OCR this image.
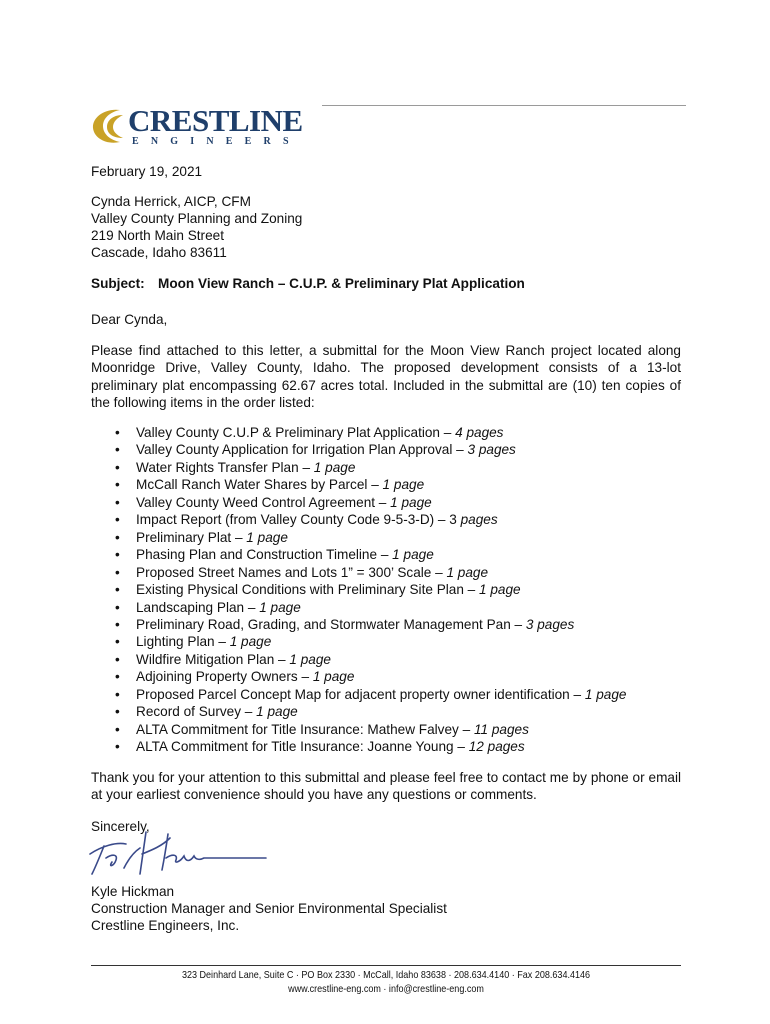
CRESTLINE
ENGINEERS
February 19, 2021
Cynda Herrick, AICP, CFM
Valley County Planning and Zoning
219 North Main Street
Cascade, Idaho 83611
Subject: Moon View Ranch – C.U.P. & Preliminary Plat Application
Dear Cynda,
Please find attached to this letter, a submittal for the Moon View Ranch project located along Moonridge Drive, Valley County, Idaho. The proposed development consists of a 13-lot preliminary plat encompassing 62.67 acres total. Included in the submittal are (10) ten copies of the following items in the order listed:
• Valley County C.U.P & Preliminary Plat Application – 4 pages
• Valley County Application for Irrigation Plan Approval – 3 pages
• Water Rights Transfer Plan – 1 page
• McCall Ranch Water Shares by Parcel – 1 page
• Valley County Weed Control Agreement – 1 page
• Impact Report (from Valley County Code 9-5-3-D) – 3 pages
• Preliminary Plat – 1 page
• Phasing Plan and Construction Timeline – 1 page
• Proposed Street Names and Lots 1” = 300’ Scale – 1 page
• Existing Physical Conditions with Preliminary Site Plan – 1 page
• Landscaping Plan – 1 page
• Preliminary Road, Grading, and Stormwater Management Pan – 3 pages
• Lighting Plan – 1 page
• Wildfire Mitigation Plan – 1 page
• Adjoining Property Owners – 1 page
• Proposed Parcel Concept Map for adjacent property owner identification – 1 page
• Record of Survey – 1 page
• ALTA Commitment for Title Insurance: Mathew Falvey – 11 pages
• ALTA Commitment for Title Insurance: Joanne Young – 12 pages
Thank you for your attention to this submittal and please feel free to contact me by phone or email at your earliest convenience should you have any questions or comments.
Sincerely,
Kyle Hickman
Construction Manager and Senior Environmental Specialist
Crestline Engineers, Inc.
323 Deinhard Lane, Suite C · PO Box 2330 · McCall, Idaho 83638 · 208.634.4140 · Fax 208.634.4146
www.crestline-eng.com · info@crestline-eng.com
